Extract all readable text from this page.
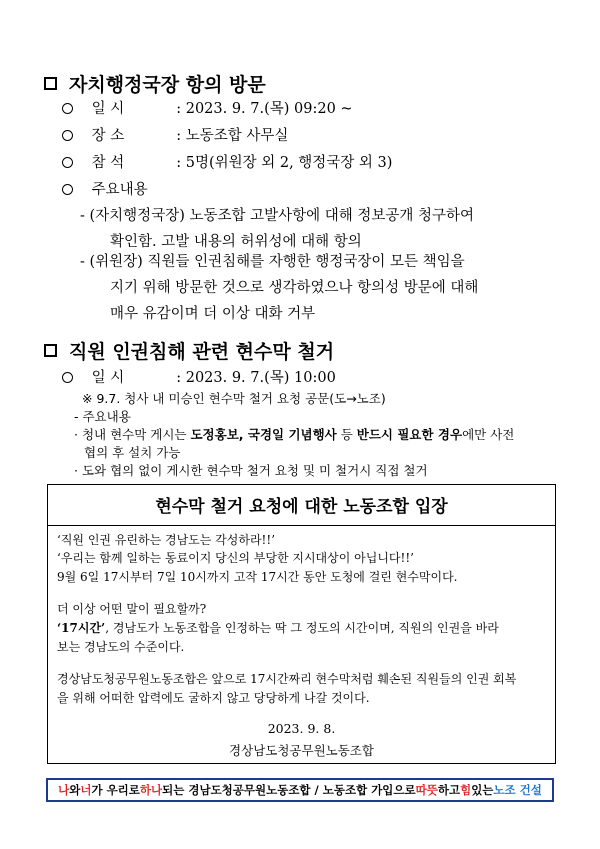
자치행정국장 항의 방문
일 시	: 2023. 9. 7.(목) 09:20 ~
장 소	: 노동조합 사무실
참 석	: 5명(위원장 외 2, 행정국장 외 3)
주요내용
- (자치행정국장) 노동조합 고발사항에 대해 정보공개 청구하여
확인함. 고발 내용의 허위성에 대해 항의
- (위원장) 직원들 인권침해를 자행한 행정국장이 모든 책임을
지기 위해 방문한 것으로 생각하였으나 항의성 방문에 대해
매우 유감이며 더 이상 대화 거부
직원 인권침해 관련 현수막 철거
일 시	: 2023. 9. 7.(목) 10:00
※ 9.7. 청사 내 미승인 현수막 철거 요청 공문(도→노조)
- 주요내용
· 청내 현수막 게시는 도정홍보, 국경일 기념행사 등 반드시 필요한 경우에만 사전
협의 후 설치 가능
· 도와 협의 없이 게시한 현수막 철거 요청 및 미 철거시 직접 철거
현수막 철거 요청에 대한 노동조합 입장
‘직원 인권 유린하는 경남도는 각성하라!!’
‘우리는 함께 일하는 동료이지 당신의 부당한 지시대상이 아닙니다!!’
9월 6일 17시부터 7일 10시까지 고작 17시간 동안 도청에 걸린 현수막이다.
더 이상 어떤 말이 필요할까?
‘17시간’, 경남도가 노동조합을 인정하는 딱 그 정도의 시간이며, 직원의 인권을 바라
보는 경남도의 수준이다.
경상남도청공무원노동조합은 앞으로 17시간짜리 현수막처럼 훼손된 직원들의 인권 회복
을 위해 어떠한 압력에도 굴하지 않고 당당하게 나갈 것이다.
2023. 9. 8.
경상남도청공무원노동조합
나 와 너 가 우리로 하나 되는 경남도청공무원노동조합 / 노동조합 가입으로 따뜻 하고 힘 있는 노조 건설
